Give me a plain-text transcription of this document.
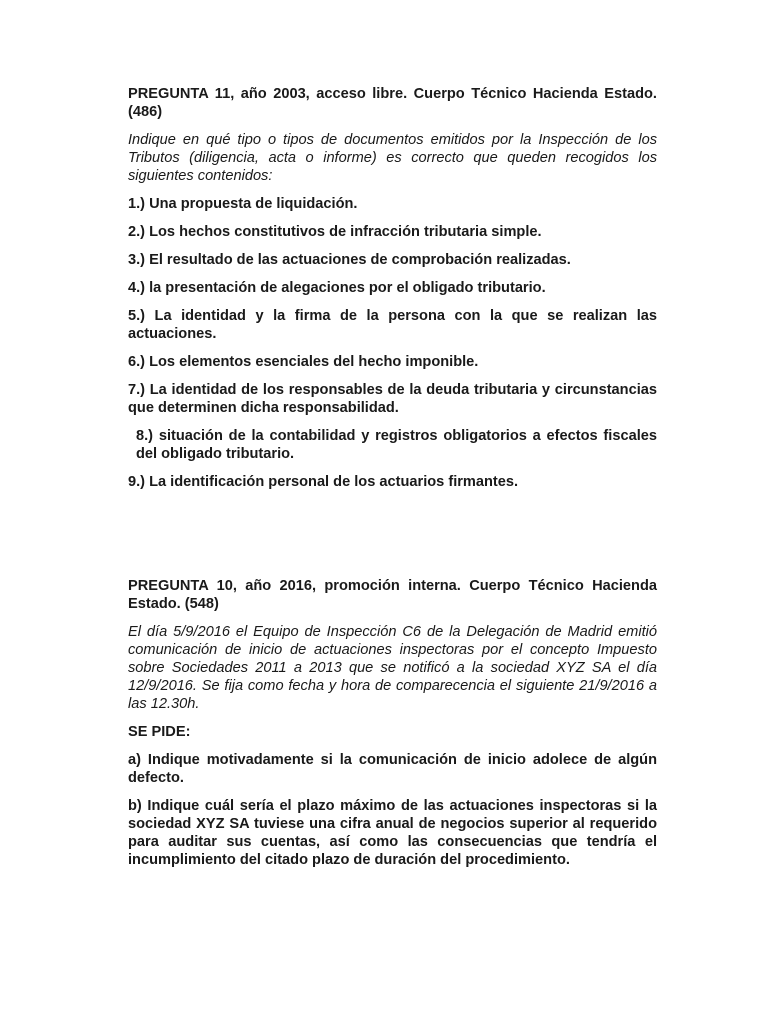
PREGUNTA 11, año 2003, acceso libre. Cuerpo Técnico Hacienda Estado. (486)

Indique en qué tipo o tipos de documentos emitidos por la Inspección de los Tributos (diligencia, acta o informe) es correcto que queden recogidos los siguientes contenidos:

1.) Una propuesta de liquidación.

2.) Los hechos constitutivos de infracción tributaria simple.

3.) El resultado de las actuaciones de comprobación realizadas.

4.) la presentación de alegaciones por el obligado tributario.

5.) La identidad y la firma de la persona con la que se realizan las actuaciones.

6.) Los elementos esenciales del hecho imponible.

7.) La identidad de los responsables de la deuda tributaria y circunstancias que determinen dicha responsabilidad.

8.) situación de la contabilidad y registros obligatorios a efectos fiscales del obligado tributario.

9.) La identificación personal de los actuarios firmantes.

PREGUNTA 10, año 2016, promoción interna. Cuerpo Técnico Hacienda Estado. (548)

El día 5/9/2016 el Equipo de Inspección C6 de la Delegación de Madrid emitió comunicación de inicio de actuaciones inspectoras por el concepto Impuesto sobre Sociedades 2011 a 2013 que se notificó a la sociedad XYZ SA el día 12/9/2016. Se fija como fecha y hora de comparecencia el siguiente 21/9/2016 a las 12.30h.

SE PIDE:

a) Indique motivadamente si la comunicación de inicio adolece de algún defecto.

b) Indique cuál sería el plazo máximo de las actuaciones inspectoras si la sociedad XYZ SA tuviese una cifra anual de negocios superior al requerido para auditar sus cuentas, así como las consecuencias que tendría el incumplimiento del citado plazo de duración del procedimiento.
